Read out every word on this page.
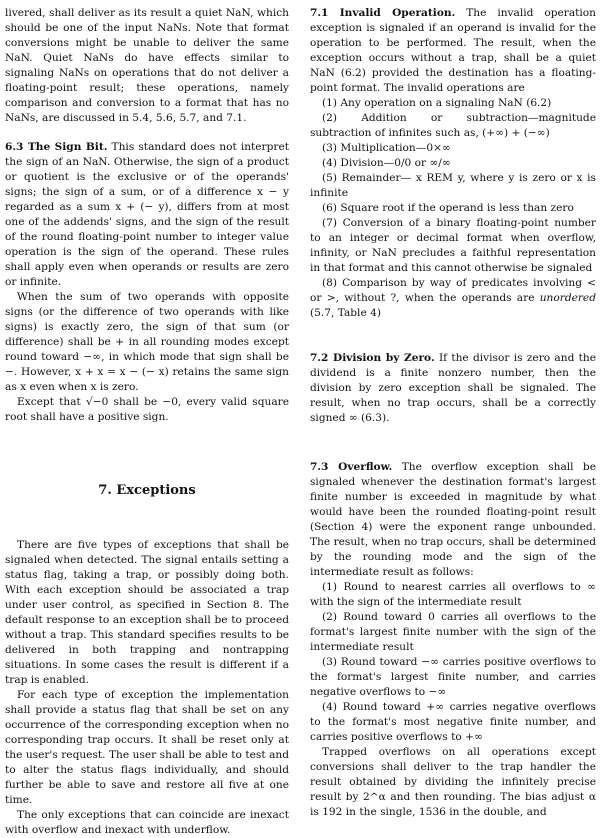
livered, shall deliver as its result a quiet NaN, which should be one of the input NaNs. Note that format conversions might be unable to deliver the same NaN. Quiet NaNs do have effects similar to signaling NaNs on operations that do not deliver a floating-point result; these operations, namely comparison and conversion to a format that has no NaNs, are discussed in 5.4, 5.6, 5.7, and 7.1.

6.3 The Sign Bit. This standard does not interpret the sign of an NaN. Otherwise, the sign of a product or quotient is the exclusive or of the operands' signs; the sign of a sum, or of a difference x − y regarded as a sum x + (− y), differs from at most one of the addends' signs, and the sign of the result of the round floating-point number to integer value operation is the sign of the operand. These rules shall apply even when operands or results are zero or infinite.

When the sum of two operands with opposite signs (or the difference of two operands with like signs) is exactly zero, the sign of that sum (or difference) shall be + in all rounding modes except round toward −∞, in which mode that sign shall be −. However, x + x = x − (− x) retains the same sign as x even when x is zero.

Except that √−0 shall be −0, every valid square root shall have a positive sign.

7. Exceptions

There are five types of exceptions that shall be signaled when detected. The signal entails setting a status flag, taking a trap, or possibly doing both. With each exception should be associated a trap under user control, as specified in Section 8. The default response to an exception shall be to proceed without a trap. This standard specifies results to be delivered in both trapping and nontrapping situations. In some cases the result is different if a trap is enabled.

For each type of exception the implementation shall provide a status flag that shall be set on any occurrence of the corresponding exception when no corresponding trap occurs. It shall be reset only at the user's request. The user shall be able to test and to alter the status flags individually, and should further be able to save and restore all five at one time.

The only exceptions that can coincide are inexact with overflow and inexact with underflow.

7.1 Invalid Operation. The invalid operation exception is signaled if an operand is invalid for the operation to be performed. The result, when the exception occurs without a trap, shall be a quiet NaN (6.2) provided the destination has a floating-point format. The invalid operations are

(1) Any operation on a signaling NaN (6.2)

(2) Addition or subtraction—magnitude subtraction of infinites such as, (+∞) + (−∞)

(3) Multiplication—0×∞

(4) Division—0/0 or ∞/∞

(5) Remainder— x REM y, where y is zero or x is infinite

(6) Square root if the operand is less than zero

(7) Conversion of a binary floating-point number to an integer or decimal format when overflow, infinity, or NaN precludes a faithful representation in that format and this cannot otherwise be signaled

(8) Comparison by way of predicates involving < or >, without ?, when the operands are unordered (5.7, Table 4)

7.2 Division by Zero. If the divisor is zero and the dividend is a finite nonzero number, then the division by zero exception shall be signaled. The result, when no trap occurs, shall be a correctly signed ∞ (6.3).

7.3 Overflow. The overflow exception shall be signaled whenever the destination format's largest finite number is exceeded in magnitude by what would have been the rounded floating-point result (Section 4) were the exponent range unbounded. The result, when no trap occurs, shall be determined by the rounding mode and the sign of the intermediate result as follows:

(1) Round to nearest carries all overflows to ∞ with the sign of the intermediate result

(2) Round toward 0 carries all overflows to the format's largest finite number with the sign of the intermediate result

(3) Round toward −∞ carries positive overflows to the format's largest finite number, and carries negative overflows to −∞

(4) Round toward +∞ carries negative overflows to the format's most negative finite number, and carries positive overflows to +∞

Trapped overflows on all operations except conversions shall deliver to the trap handler the result obtained by dividing the infinitely precise result by 2^α and then rounding. The bias adjust α is 192 in the single, 1536 in the double, and
